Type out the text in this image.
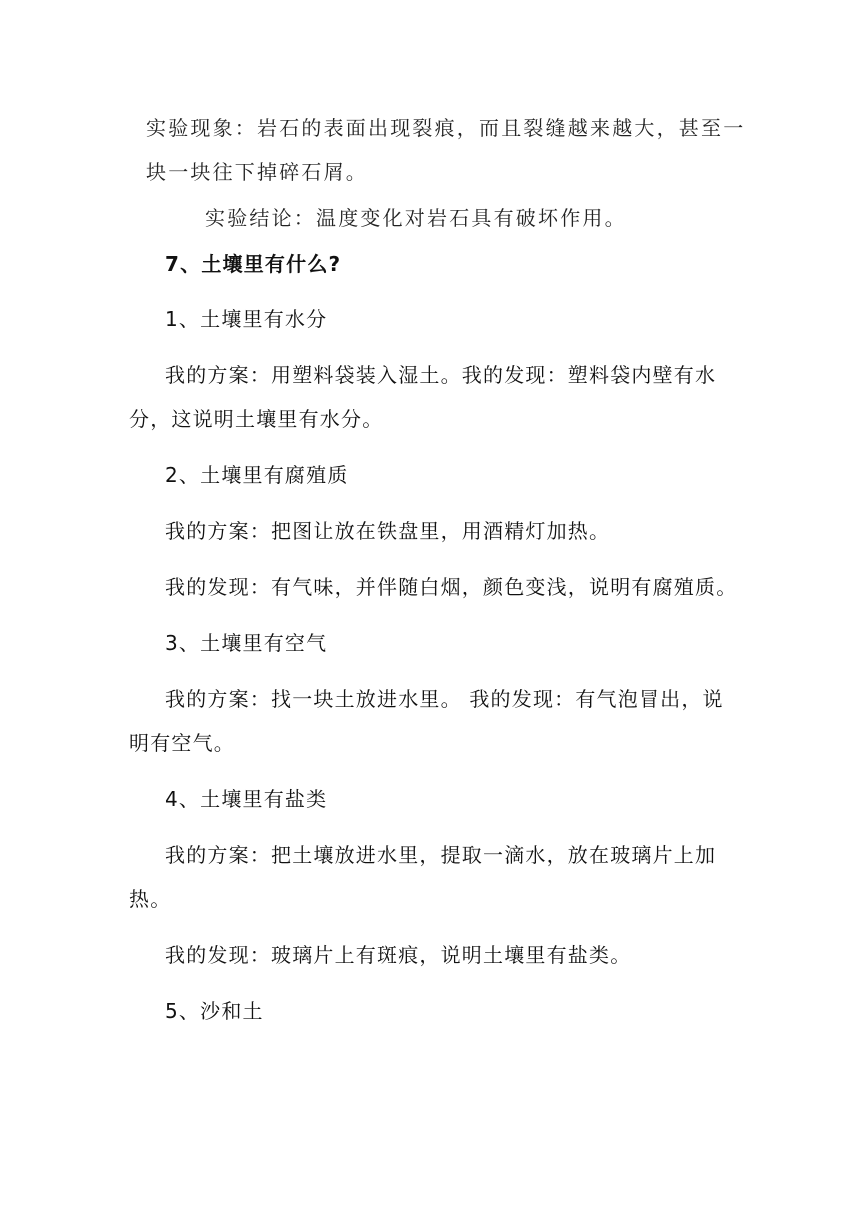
实验现象：岩石的表面出现裂痕，而且裂缝越来越大，甚至一

块一块往下掉碎石屑。

实验结论：温度变化对岩石具有破坏作用。

7、土壤里有什么?

1、土壤里有水分

我的方案：用塑料袋装入湿土。我的发现：塑料袋内壁有水

分，这说明土壤里有水分。

2、土壤里有腐殖质

我的方案：把图让放在铁盘里，用酒精灯加热。

我的发现：有气味，并伴随白烟，颜色变浅，说明有腐殖质。

3、土壤里有空气

我的方案：找一块土放进水里。 我的发现：有气泡冒出，说

明有空气。

4、土壤里有盐类

我的方案：把土壤放进水里，提取一滴水，放在玻璃片上加

热。

我的发现：玻璃片上有斑痕，说明土壤里有盐类。

5、沙和土
